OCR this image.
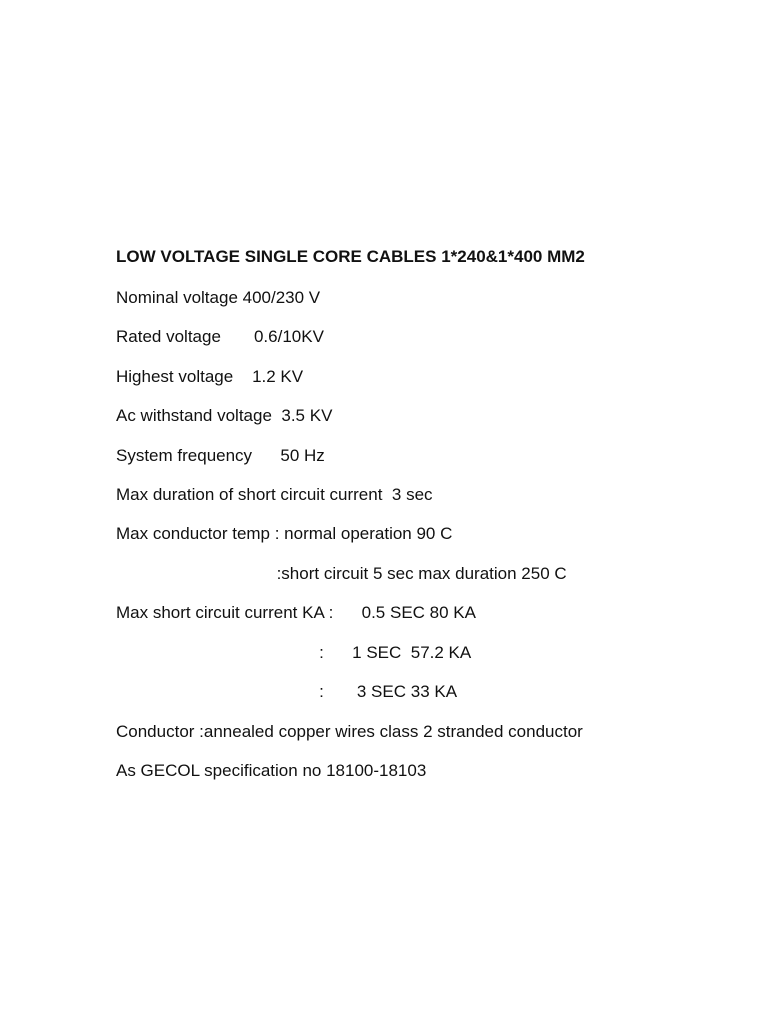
LOW VOLTAGE SINGLE CORE CABLES 1*240&1*400 MM2
Nominal voltage 400/230 V
Rated voltage       0.6/10KV
Highest voltage    1.2 KV
Ac withstand voltage  3.5 KV
System frequency      50 Hz
Max duration of short circuit current  3 sec
Max conductor temp : normal operation 90 C
:short circuit 5 sec max duration 250 C
Max short circuit current KA :      0.5 SEC 80 KA
:      1 SEC  57.2 KA
:       3 SEC 33 KA
Conductor :annealed copper wires class 2 stranded conductor
As GECOL specification no 18100-18103
